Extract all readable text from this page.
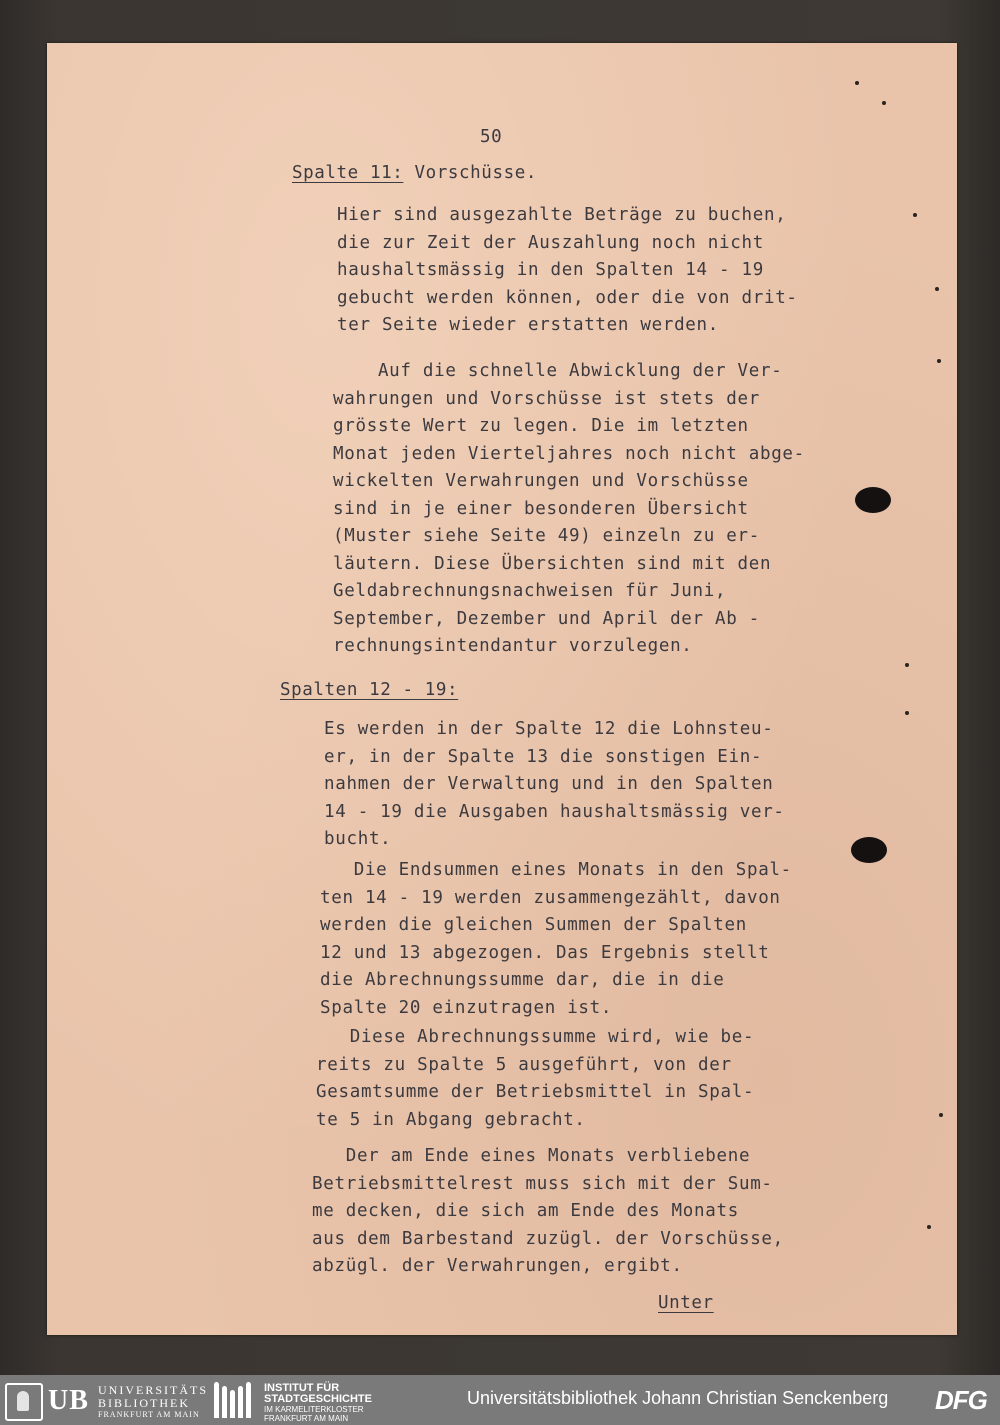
50
Spalte 11: Vorschüsse.
Hier sind ausgezahlte Beträge zu buchen,
die zur Zeit der Auszahlung noch nicht
haushaltsmässig in den Spalten 14 - 19
gebucht werden können, oder die von drit-
ter Seite wieder erstatten werden.
Auf die schnelle Abwicklung der Ver-
wahrungen und Vorschüsse ist stets der
grösste Wert zu legen. Die im letzten
Monat jeden Vierteljahres noch nicht abge-
wickelten Verwahrungen und Vorschüsse
sind in je einer besonderen Übersicht
(Muster siehe Seite 49) einzeln zu er-
läutern. Diese Übersichten sind mit den
Geldabrechnungsnachweisen für Juni,
September, Dezember und April der Ab -
rechnungsintendantur vorzulegen.
Spalten 12 - 19:
Es werden in der Spalte 12 die Lohnsteu-
er, in der Spalte 13 die sonstigen Ein-
nahmen der Verwaltung und in den Spalten
14 - 19 die Ausgaben haushaltsmässig ver-
bucht.
Die Endsummen eines Monats in den Spal-
ten 14 - 19 werden zusammengezählt, davon
werden die gleichen Summen der Spalten
12 und 13 abgezogen. Das Ergebnis stellt
die Abrechnungssumme dar, die in die
Spalte 20 einzutragen ist.
Diese Abrechnungssumme wird, wie be-
reits zu Spalte 5 ausgeführt, von der
Gesamtsumme der Betriebsmittel in Spal-
te 5 in Abgang gebracht.
Der am Ende eines Monats verbliebene
Betriebsmittelrest muss sich mit der Sum-
me decken, die sich am Ende des Monats
aus dem Barbestand zuzügl. der Vorschüsse,
abzügl. der Verwahrungen, ergibt.
Unter
UB UNIVERSITÄTS
BIBLIOTHEK
FRANKFURT AM MAIN
INSTITUT FÜR
STADTGESCHICHTE
IM KARMELITERKLOSTER
FRANKFURT AM MAIN
Universitätsbibliothek Johann Christian Senckenberg DFG
